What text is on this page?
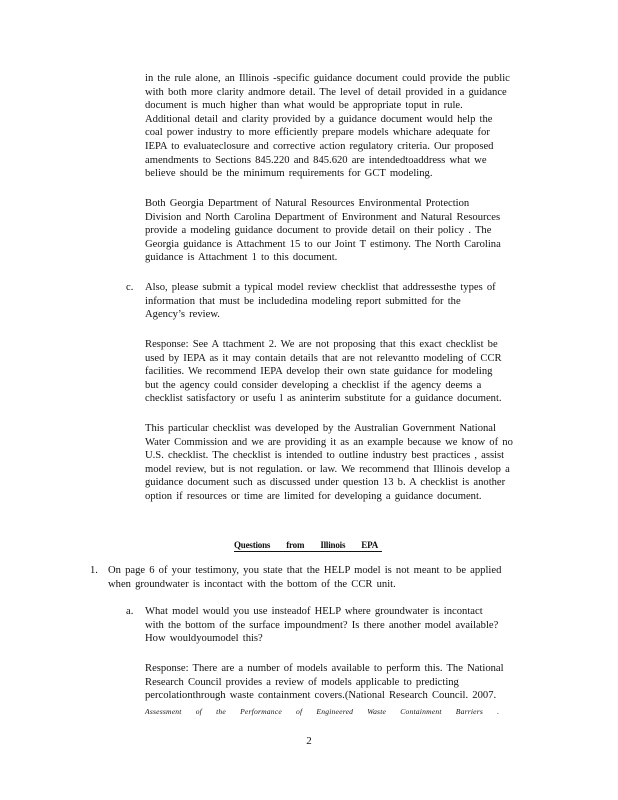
in the rule alone, an Illinois -specific guidance document could provide the public
with both more clarity andmore detail. The level of detail provided in a guidance
document is much higher than what would be appropriate toput in rule.
Additional detail and clarity provided by a guidance document would help the
coal power industry to more efficiently prepare models whichare adequate for
IEPA to evaluateclosure and corrective action regulatory criteria. Our proposed
amendments to Sections 845.220 and 845.620 are intendedtoaddress what we
believe should be the minimum requirements for GCT modeling.
Both Georgia Department of Natural Resources Environmental Protection
Division and North Carolina Department of Environment and Natural Resources
provide a modeling guidance document to provide detail on their policy . The
Georgia guidance is Attachment 15 to our Joint T estimony. The North Carolina
guidance is Attachment 1 to this document.
c. Also, please submit a typical model review checklist that addressesthe types of
information that must be includedina modeling report submitted for the
Agency’s review.
Response: See A ttachment 2. We are not proposing that this exact checklist be
used by IEPA as it may contain details that are not relevantto modeling of CCR
facilities. We recommend IEPA develop their own state guidance for modeling
but the agency could consider developing a checklist if the agency deems a
checklist satisfactory or usefu l as aninterim substitute for a guidance document.
This particular checklist was developed by the Australian Government National
Water Commission and we are providing it as an example because we know of no
U.S. checklist. The checklist is intended to outline industry best practices , assist
model review, but is not regulation. or law. We recommend that Illinois develop a
guidance document such as discussed under question 13 b. A checklist is another
option if resources or time are limited for developing a guidance document.
Questions from Illinois EPA
1. On page 6 of your testimony, you state that the HELP model is not meant to be applied
when groundwater is incontact with the bottom of the CCR unit.
a. What model would you use insteadof HELP where groundwater is incontact
with the bottom of the surface impoundment? Is there another model available?
How wouldyoumodel this?
Response: There are a number of models available to perform this. The National
Research Council provides a review of models applicable to predicting
percolationthrough waste containment covers.(National Research Council. 2007.
Assessment of the Performance of Engineered Waste Containment Barriers .
2
